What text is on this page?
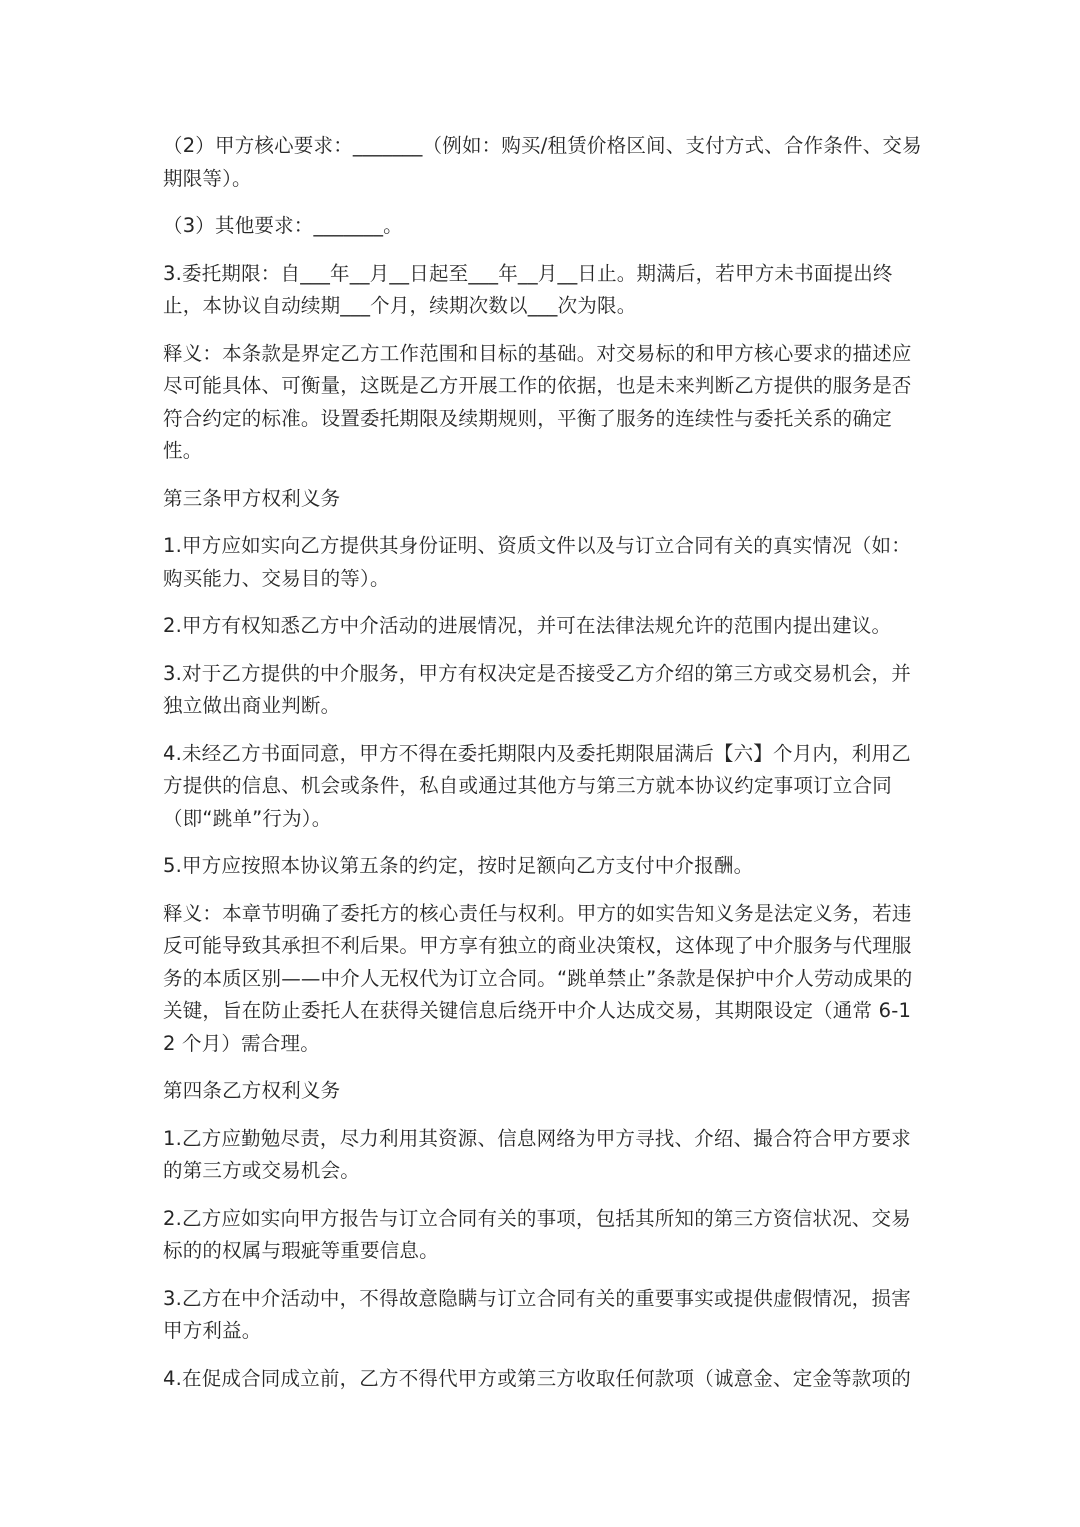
（2）甲方核心要求：_______（例如：购买/租赁价格区间、支付方式、合作条件、交易期限等）。

（3）其他要求：_______。

3.委托期限：自___年__月__日起至___年__月__日止。期满后，若甲方未书面提出终止，本协议自动续期___个月，续期次数以___次为限。

释义：本条款是界定乙方工作范围和目标的基础。对交易标的和甲方核心要求的描述应尽可能具体、可衡量，这既是乙方开展工作的依据，也是未来判断乙方提供的服务是否符合约定的标准。设置委托期限及续期规则，平衡了服务的连续性与委托关系的确定性。

第三条甲方权利义务

1.甲方应如实向乙方提供其身份证明、资质文件以及与订立合同有关的真实情况（如：购买能力、交易目的等）。

2.甲方有权知悉乙方中介活动的进展情况，并可在法律法规允许的范围内提出建议。

3.对于乙方提供的中介服务，甲方有权决定是否接受乙方介绍的第三方或交易机会，并独立做出商业判断。

4.未经乙方书面同意，甲方不得在委托期限内及委托期限届满后【六】个月内，利用乙方提供的信息、机会或条件，私自或通过其他方与第三方就本协议约定事项订立合同（即“跳单”行为）。

5.甲方应按照本协议第五条的约定，按时足额向乙方支付中介报酬。

释义：本章节明确了委托方的核心责任与权利。甲方的如实告知义务是法定义务，若违反可能导致其承担不利后果。甲方享有独立的商业决策权，这体现了中介服务与代理服务的本质区别——中介人无权代为订立合同。“跳单禁止”条款是保护中介人劳动成果的关键，旨在防止委托人在获得关键信息后绕开中介人达成交易，其期限设定（通常 6-12 个月）需合理。

第四条乙方权利义务

1.乙方应勤勉尽责，尽力利用其资源、信息网络为甲方寻找、介绍、撮合符合甲方要求的第三方或交易机会。

2.乙方应如实向甲方报告与订立合同有关的事项，包括其所知的第三方资信状况、交易标的的权属与瑕疵等重要信息。

3.乙方在中介活动中，不得故意隐瞒与订立合同有关的重要事实或提供虚假情况，损害甲方利益。

4.在促成合同成立前，乙方不得代甲方或第三方收取任何款项（诚意金、定金等款项的
